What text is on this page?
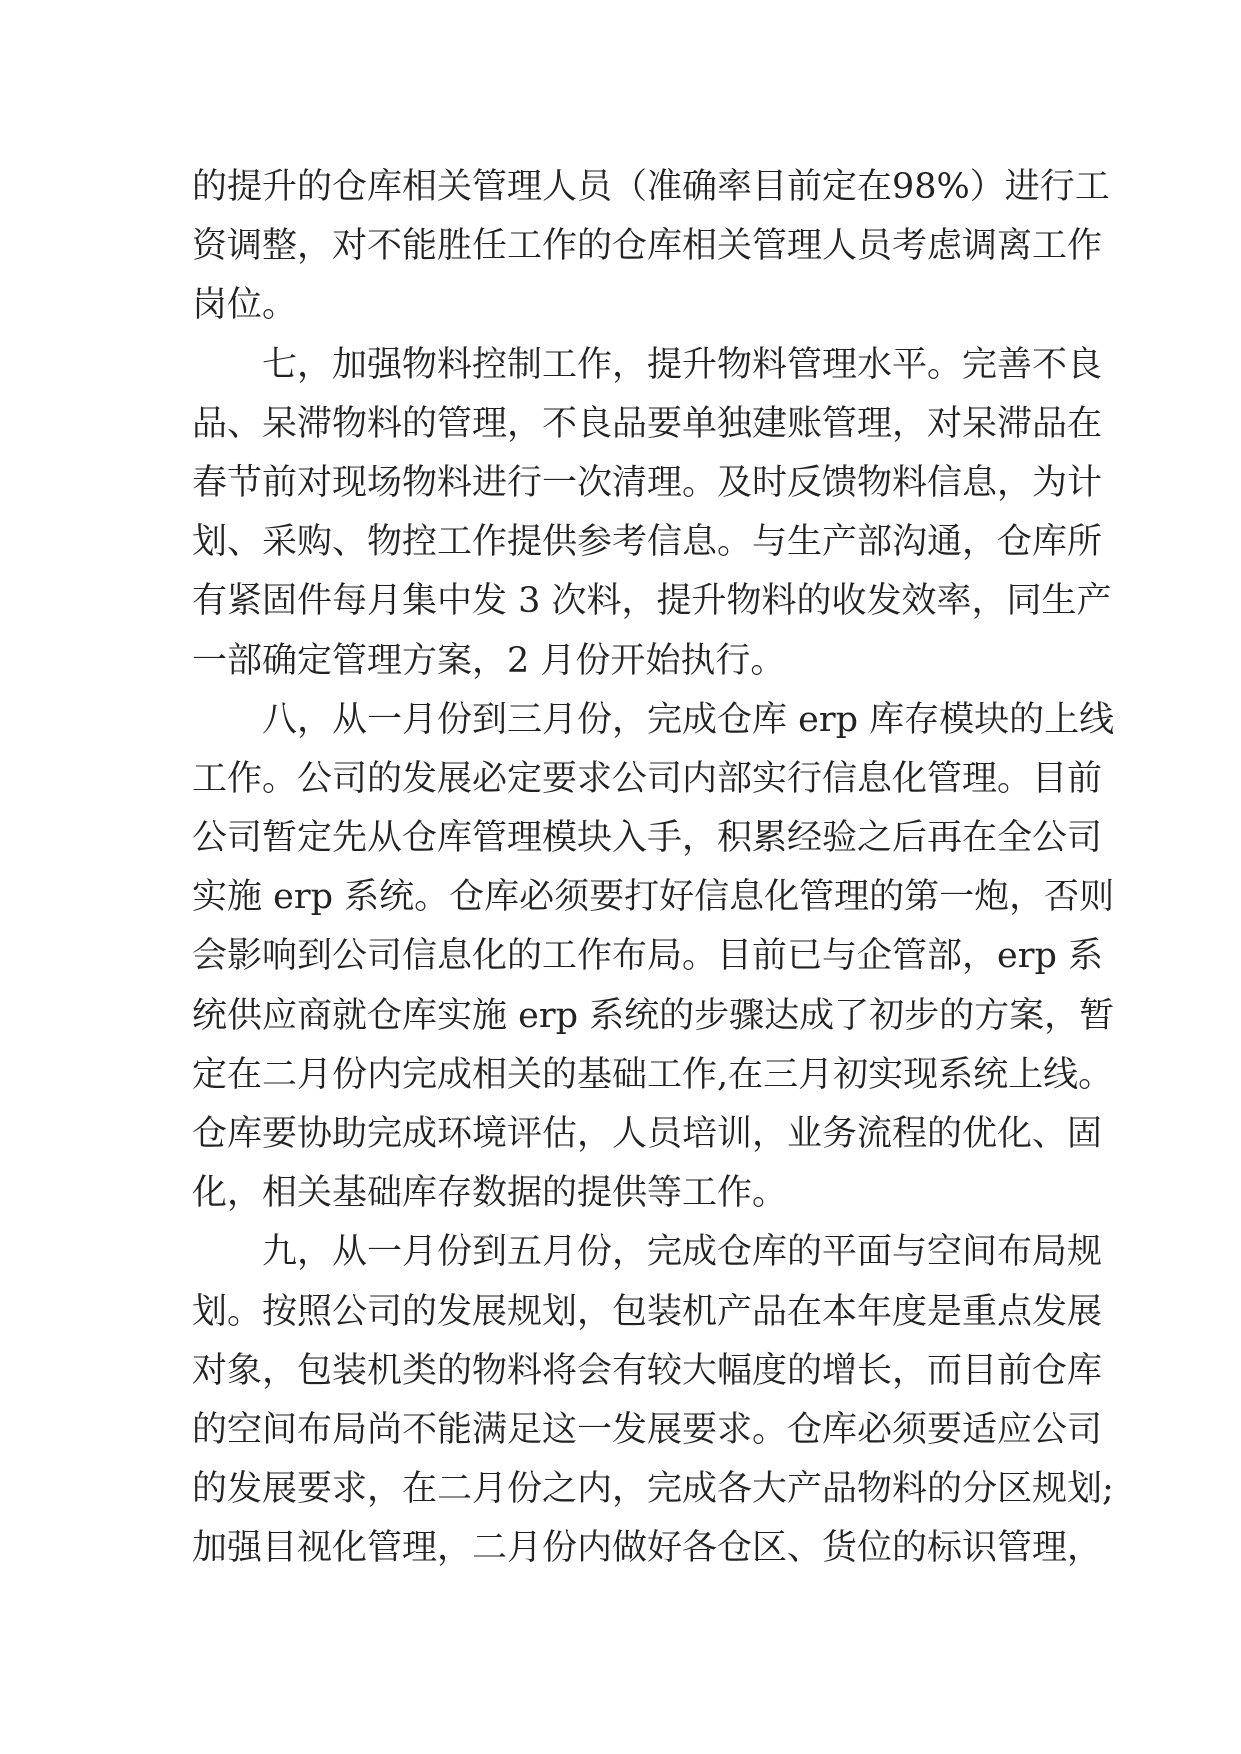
的提升的仓库相关管理人员（准确率目前定在98%）进行工
资调整，对不能胜任工作的仓库相关管理人员考虑调离工作
岗位。
七，加强物料控制工作，提升物料管理水平。完善不良
品、呆滞物料的管理，不良品要单独建账管理，对呆滞品在
春节前对现场物料进行一次清理。及时反馈物料信息，为计
划、采购、物控工作提供参考信息。与生产部沟通，仓库所
有紧固件每月集中发 3 次料，提升物料的收发效率，同生产
一部确定管理方案，2 月份开始执行。
八，从一月份到三月份，完成仓库 erp 库存模块的上线
工作。公司的发展必定要求公司内部实行信息化管理。目前
公司暂定先从仓库管理模块入手，积累经验之后再在全公司
实施 erp 系统。仓库必须要打好信息化管理的第一炮，否则
会影响到公司信息化的工作布局。目前已与企管部，erp 系
统供应商就仓库实施 erp 系统的步骤达成了初步的方案，暂
定在二月份内完成相关的基础工作,在三月初实现系统上线。
仓库要协助完成环境评估，人员培训，业务流程的优化、固
化，相关基础库存数据的提供等工作。
九，从一月份到五月份，完成仓库的平面与空间布局规
划。按照公司的发展规划，包装机产品在本年度是重点发展
对象，包装机类的物料将会有较大幅度的增长，而目前仓库
的空间布局尚不能满足这一发展要求。仓库必须要适应公司
的发展要求，在二月份之内，完成各大产品物料的分区规划;
加强目视化管理，二月份内做好各仓区、货位的标识管理，
